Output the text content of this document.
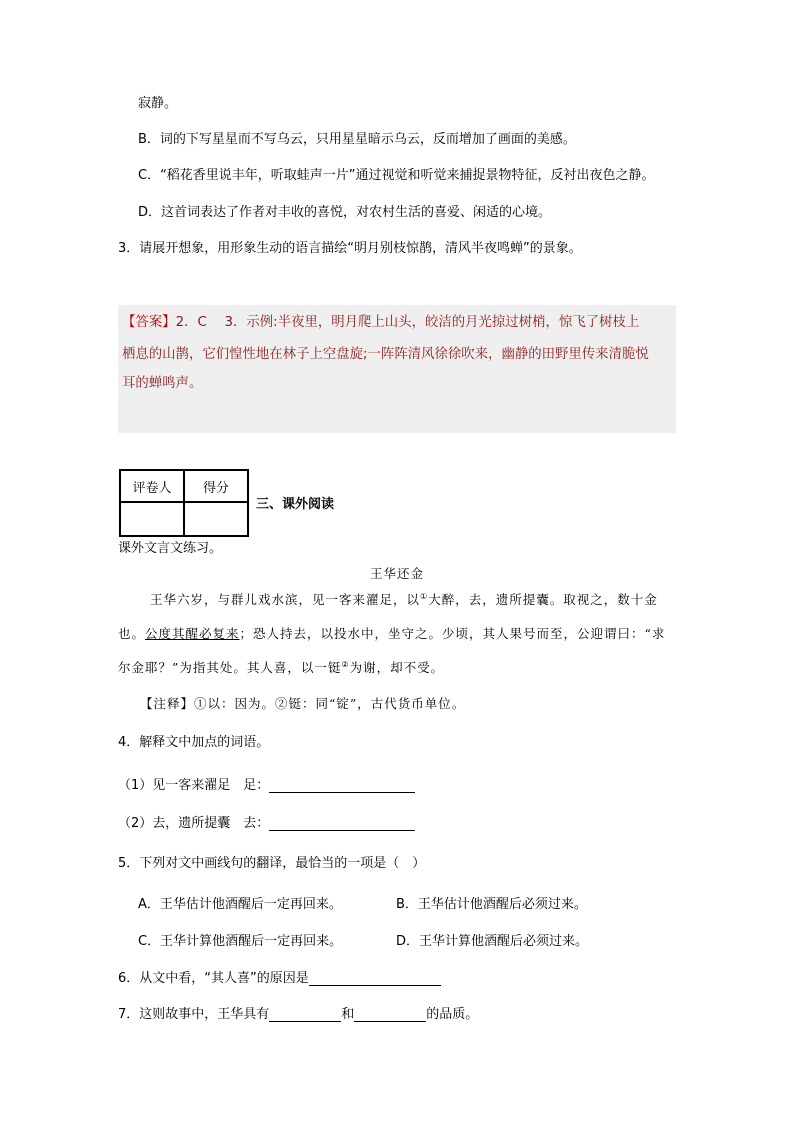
寂静。
B．词的下写星星而不写乌云，只用星星暗示乌云，反而增加了画面的美感。
C．“稻花香里说丰年，听取蛙声一片”通过视觉和听觉来捕捉景物特征，反衬出夜色之静。
D．这首词表达了作者对丰收的喜悦，对农村生活的喜爱、闲适的心境。
3．请展开想象，用形象生动的语言描绘“明月别枝惊鹊，清风半夜鸣蝉”的景象。
【答案】2．C　 3．示例:半夜里，明月爬上山头，皎洁的月光掠过树梢，惊飞了树枝上
栖息的山鹊，它们惶性地在林子上空盘旋;一阵阵清风徐徐吹来，幽静的田野里传来清脆悦
耳的蝉鸣声。
评卷人	得分

三、课外阅读
课外文言文练习。
王华还金
王华六岁，与群儿戏水滨，见一客来濯足，以①大醉，去，遗所提囊。取视之，数十金
也。公度其醒必复来；恐人持去，以投水中，坐守之。少顷，其人果号而至，公迎谓曰：“求
尔金耶？”为指其处。其人喜，以一铤②为谢，却不受。
【注释】①以：因为。②铤：同“锭”，古代货币单位。
4．解释文中加点的词语。
（1）见一客来濯足　足：
（2）去，遗所提囊　去：
5．下列对文中画线句的翻译，最恰当的一项是（　）
A．王华估计他酒醒后一定再回来。	B．王华估计他酒醒后必须过来。
C．王华计算他酒醒后一定再回来。	D．王华计算他酒醒后必须过来。
6．从文中看，“其人喜”的原因是
7．这则故事中，王华具有	和	的品质。
